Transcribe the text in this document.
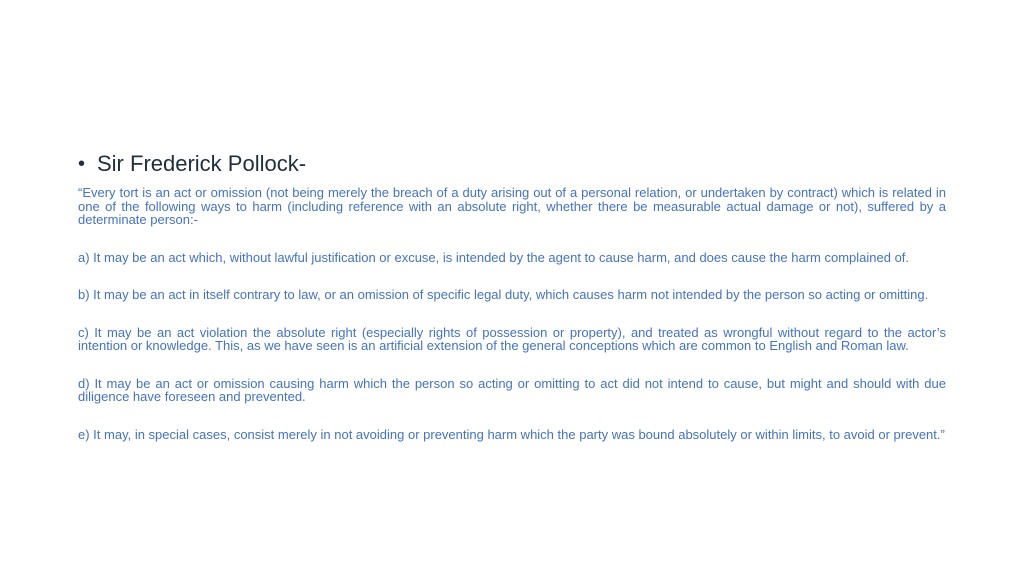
• Sir Frederick Pollock-

“Every tort is an act or omission (not being merely the breach of a duty arising out of a personal relation, or undertaken by contract) which is related in one of the following ways to harm (including reference with an absolute right, whether there be measurable actual damage or not), suffered by a determinate person:-

a) It may be an act which, without lawful justification or excuse, is intended by the agent to cause harm, and does cause the harm complained of.

b) It may be an act in itself contrary to law, or an omission of specific legal duty, which causes harm not intended by the person so acting or omitting.

c) It may be an act violation the absolute right (especially rights of possession or property), and treated as wrongful without regard to the actor’s intention or knowledge. This, as we have seen is an artificial extension of the general conceptions which are common to English and Roman law.

d) It may be an act or omission causing harm which the person so acting or omitting to act did not intend to cause, but might and should with due diligence have foreseen and prevented.

e) It may, in special cases, consist merely in not avoiding or preventing harm which the party was bound absolutely or within limits, to avoid or prevent.”
